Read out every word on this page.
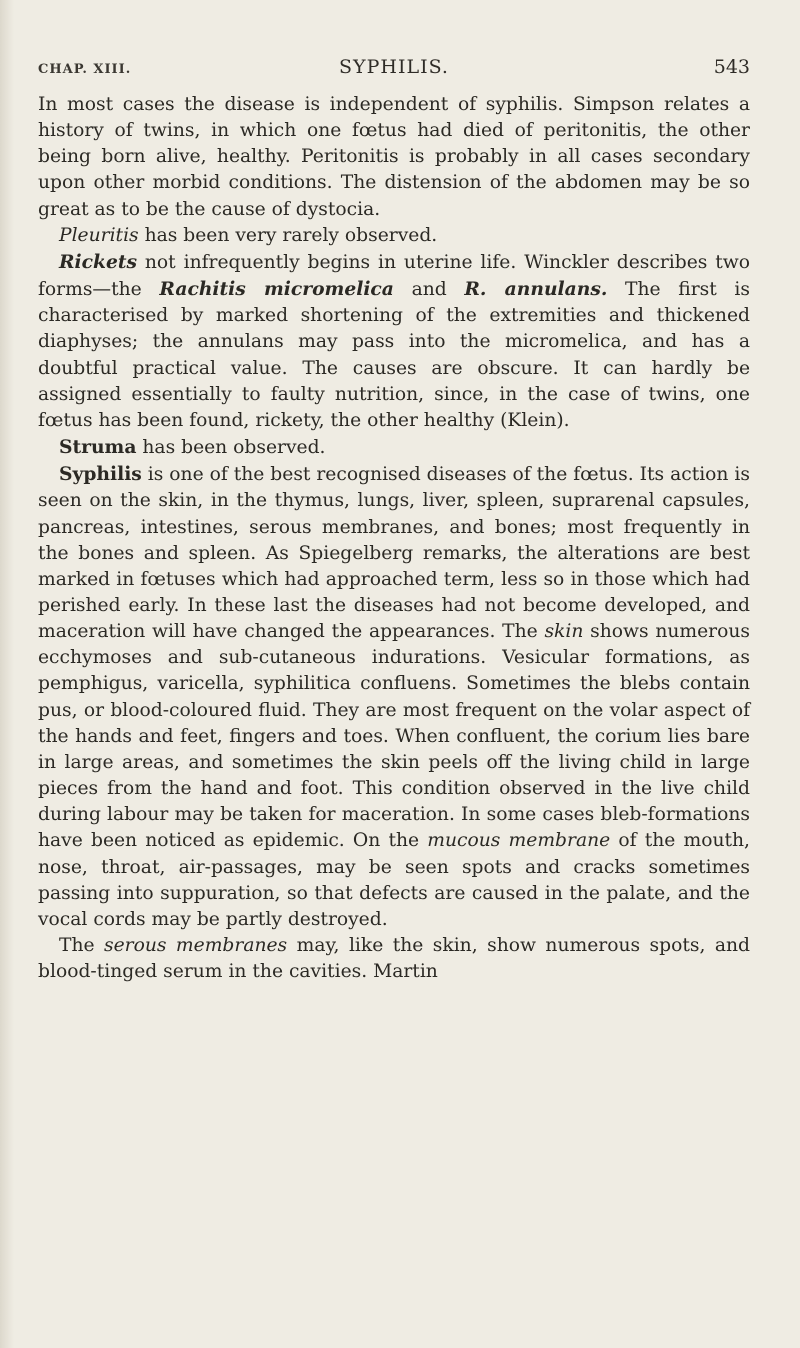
CHAP. XIII.	SYPHILIS.	543

In most cases the disease is independent of syphilis. Simpson relates a history of twins, in which one fœtus had died of peritonitis, the other being born alive, healthy. Peritonitis is probably in all cases secondary upon other morbid conditions. The distension of the abdomen may be so great as to be the cause of dystocia.

Pleuritis has been very rarely observed.

Rickets not infrequently begins in uterine life. Winckler describes two forms—the Rachitis micromelica and R. annulans. The first is characterised by marked shortening of the extremities and thickened diaphyses; the annulans may pass into the micromelica, and has a doubtful practical value. The causes are obscure. It can hardly be assigned essentially to faulty nutrition, since, in the case of twins, one fœtus has been found, rickety, the other healthy (Klein).

Struma has been observed.

Syphilis is one of the best recognised diseases of the fœtus. Its action is seen on the skin, in the thymus, lungs, liver, spleen, suprarenal capsules, pancreas, intestines, serous membranes, and bones; most frequently in the bones and spleen. As Spiegelberg remarks, the alterations are best marked in fœtuses which had approached term, less so in those which had perished early. In these last the diseases had not become developed, and maceration will have changed the appearances. The skin shows numerous ecchymoses and sub-cutaneous indurations. Vesicular formations, as pemphigus, varicella, syphilitica confluens. Sometimes the blebs contain pus, or blood-coloured fluid. They are most frequent on the volar aspect of the hands and feet, fingers and toes. When confluent, the corium lies bare in large areas, and sometimes the skin peels off the living child in large pieces from the hand and foot. This condition observed in the live child during labour may be taken for maceration. In some cases bleb-formations have been noticed as epidemic. On the mucous membrane of the mouth, nose, throat, air-passages, may be seen spots and cracks sometimes passing into suppuration, so that defects are caused in the palate, and the vocal cords may be partly destroyed.

The serous membranes may, like the skin, show numerous spots, and blood-tinged serum in the cavities. Martin
